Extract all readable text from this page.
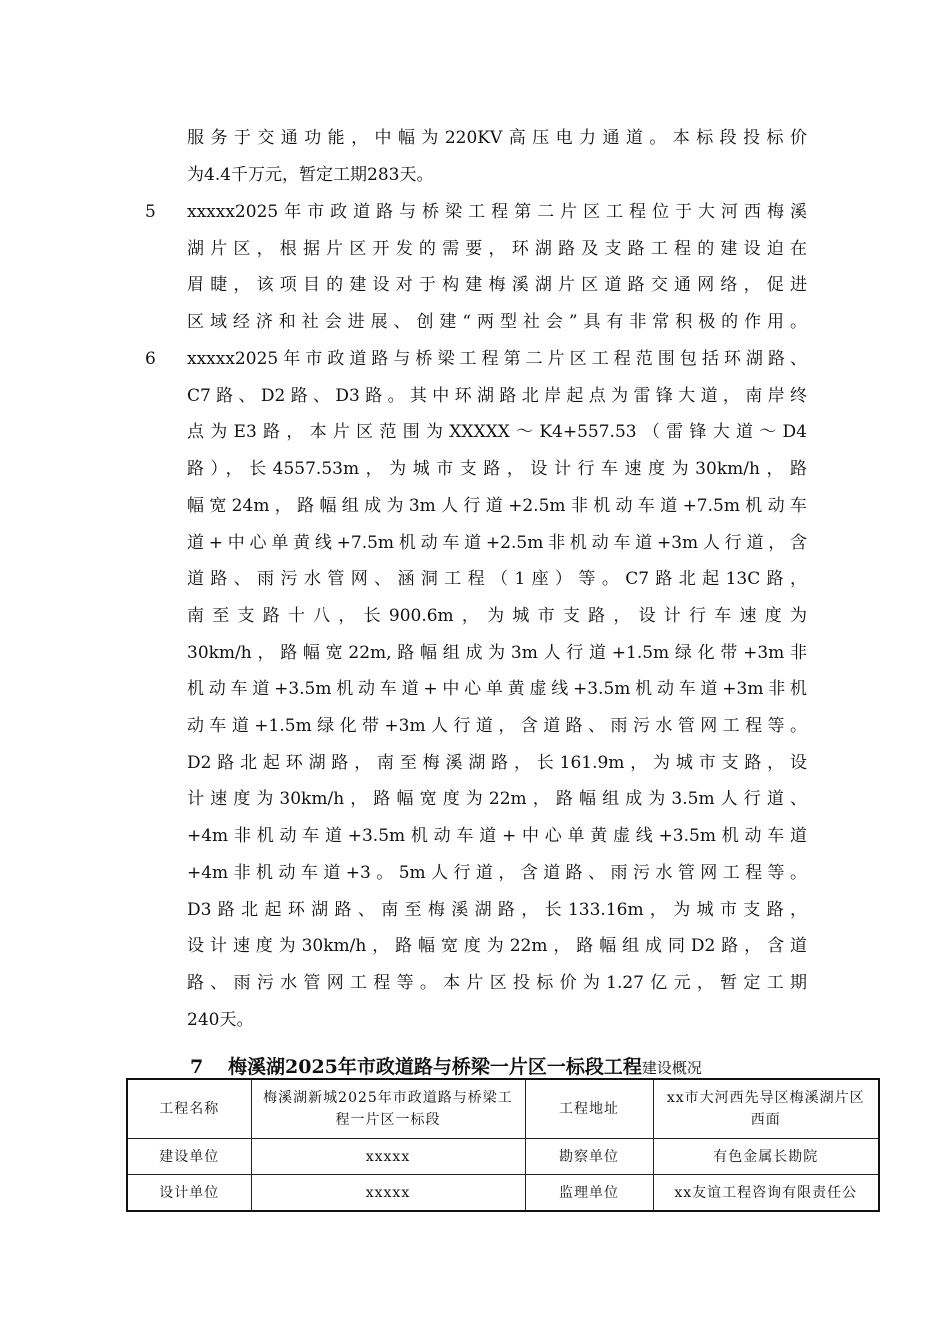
服务于交通功能，中幅为220KV高压电力通道。本标段投标价
为4.4千万元，暂定工期283天。
5	xxxxx2025年市政道路与桥梁工程第二片区工程位于大河西梅溪
湖片区，根据片区开发的需要，环湖路及支路工程的建设迫在
眉睫，该项目的建设对于构建梅溪湖片区道路交通网络，促进
区域经济和社会进展、创建“两型社会”具有非常积极的作用。
6	xxxxx2025年市政道路与桥梁工程第二片区工程范围包括环湖路、
C7路、D2路、D3路。其中环湖路北岸起点为雷锋大道，南岸终
点为E3路，本片区范围为XXXXX～K4+557.53（雷锋大道～D4
路），长4557.53m，为城市支路，设计行车速度为30km/h，路
幅宽24m，路幅组成为3m人行道+2.5m非机动车道+7.5m机动车
道+中心单黄线+7.5m机动车道+2.5m非机动车道+3m人行道，含
道路、雨污水管网、涵洞工程（1座）等。C7路北起13C路，
南至支路十八，长900.6m，为城市支路，设计行车速度为
30km/h，路幅宽22m,路幅组成为3m人行道+1.5m绿化带+3m非
机动车道+3.5m机动车道+中心单黄虚线+3.5m机动车道+3m非机
动车道+1.5m绿化带+3m人行道，含道路、雨污水管网工程等。
D2路北起环湖路，南至梅溪湖路，长161.9m，为城市支路，设
计速度为30km/h，路幅宽度为22m，路幅组成为3.5m人行道、
+4m非机动车道+3.5m机动车道+中心单黄虚线+3.5m机动车道
+4m非机动车道+3。5m人行道，含道路、雨污水管网工程等。
D3路北起环湖路、南至梅溪湖路，长133.16m，为城市支路，
设计速度为30km/h，路幅宽度为22m，路幅组成同D2路，含道
路、雨污水管网工程等。本片区投标价为1.27亿元，暂定工期
240天。
7 梅溪湖2025年市政道路与桥梁一片区一标段工程建设概况
工程名称	梅溪湖新城2025年市政道路与桥梁工程一片区一标段	工程地址	xx市大河西先导区梅溪湖片区西面
建设单位	xxxxx	勘察单位	有色金属长勘院
设计单位	xxxxx	监理单位	xx友谊工程咨询有限责任公
